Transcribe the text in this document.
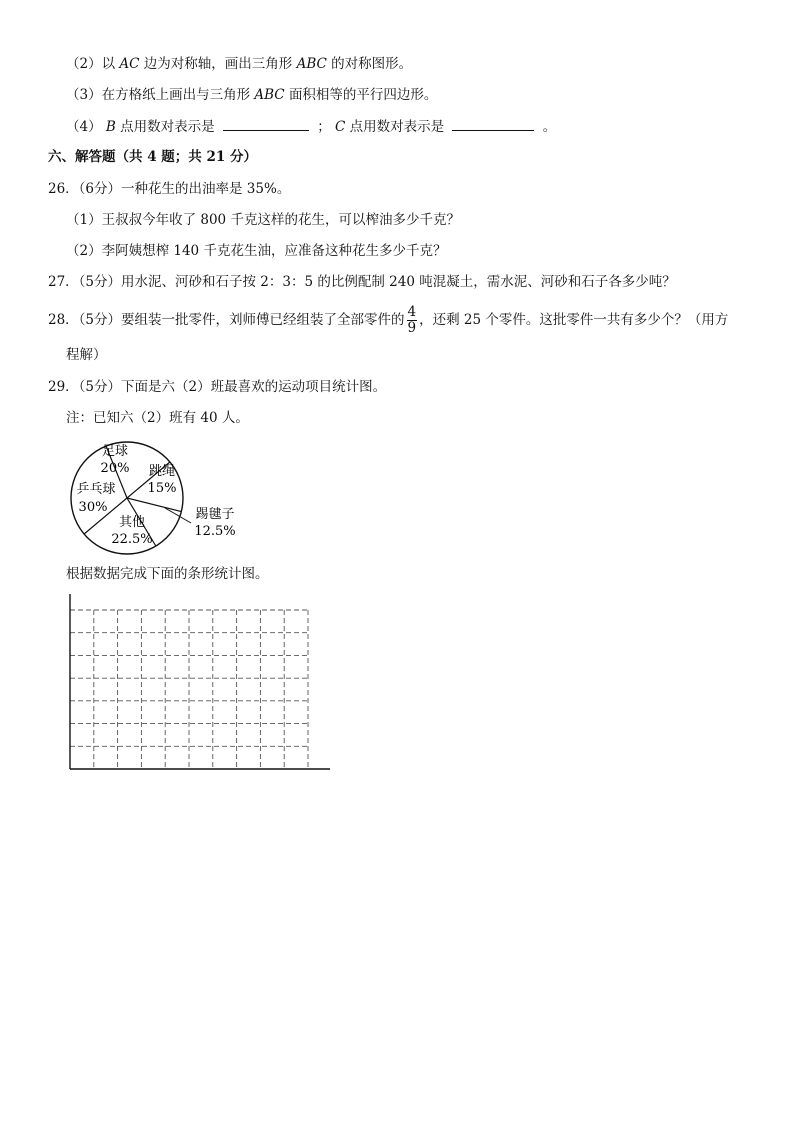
（2）以 AC 边为对称轴，画出三角形 ABC 的对称图形。
（3）在方格纸上画出与三角形 ABC 面积相等的平行四边形。
（4） B 点用数对表示是	； C 点用数对表示是	。
六、解答题（共 4 题；共 21 分）
26．（6分）一种花生的出油率是 35%。
（1）王叔叔今年收了 800 千克这样的花生，可以榨油多少千克？
（2）李阿姨想榨 140 千克花生油，应准备这种花生多少千克？
27．（5分）用水泥、河砂和石子按 2：3：5 的比例配制 240 吨混凝土，需水泥、河砂和石子各多少吨？
28．（5分）要组装一批零件，刘师傅已经组装了全部零件的 $\frac{4}{9}$ ，还剩 25 个零件。这批零件一共有多少个？（用方
程解）
29．（5分）下面是六（2）班最喜欢的运动项目统计图。
注：已知六（2）班有 40 人。
足球
20% 跳绳
15%
踢毽子
12.5%
其他
22.5%
乒乓球
30%
根据数据完成下面的条形统计图。
